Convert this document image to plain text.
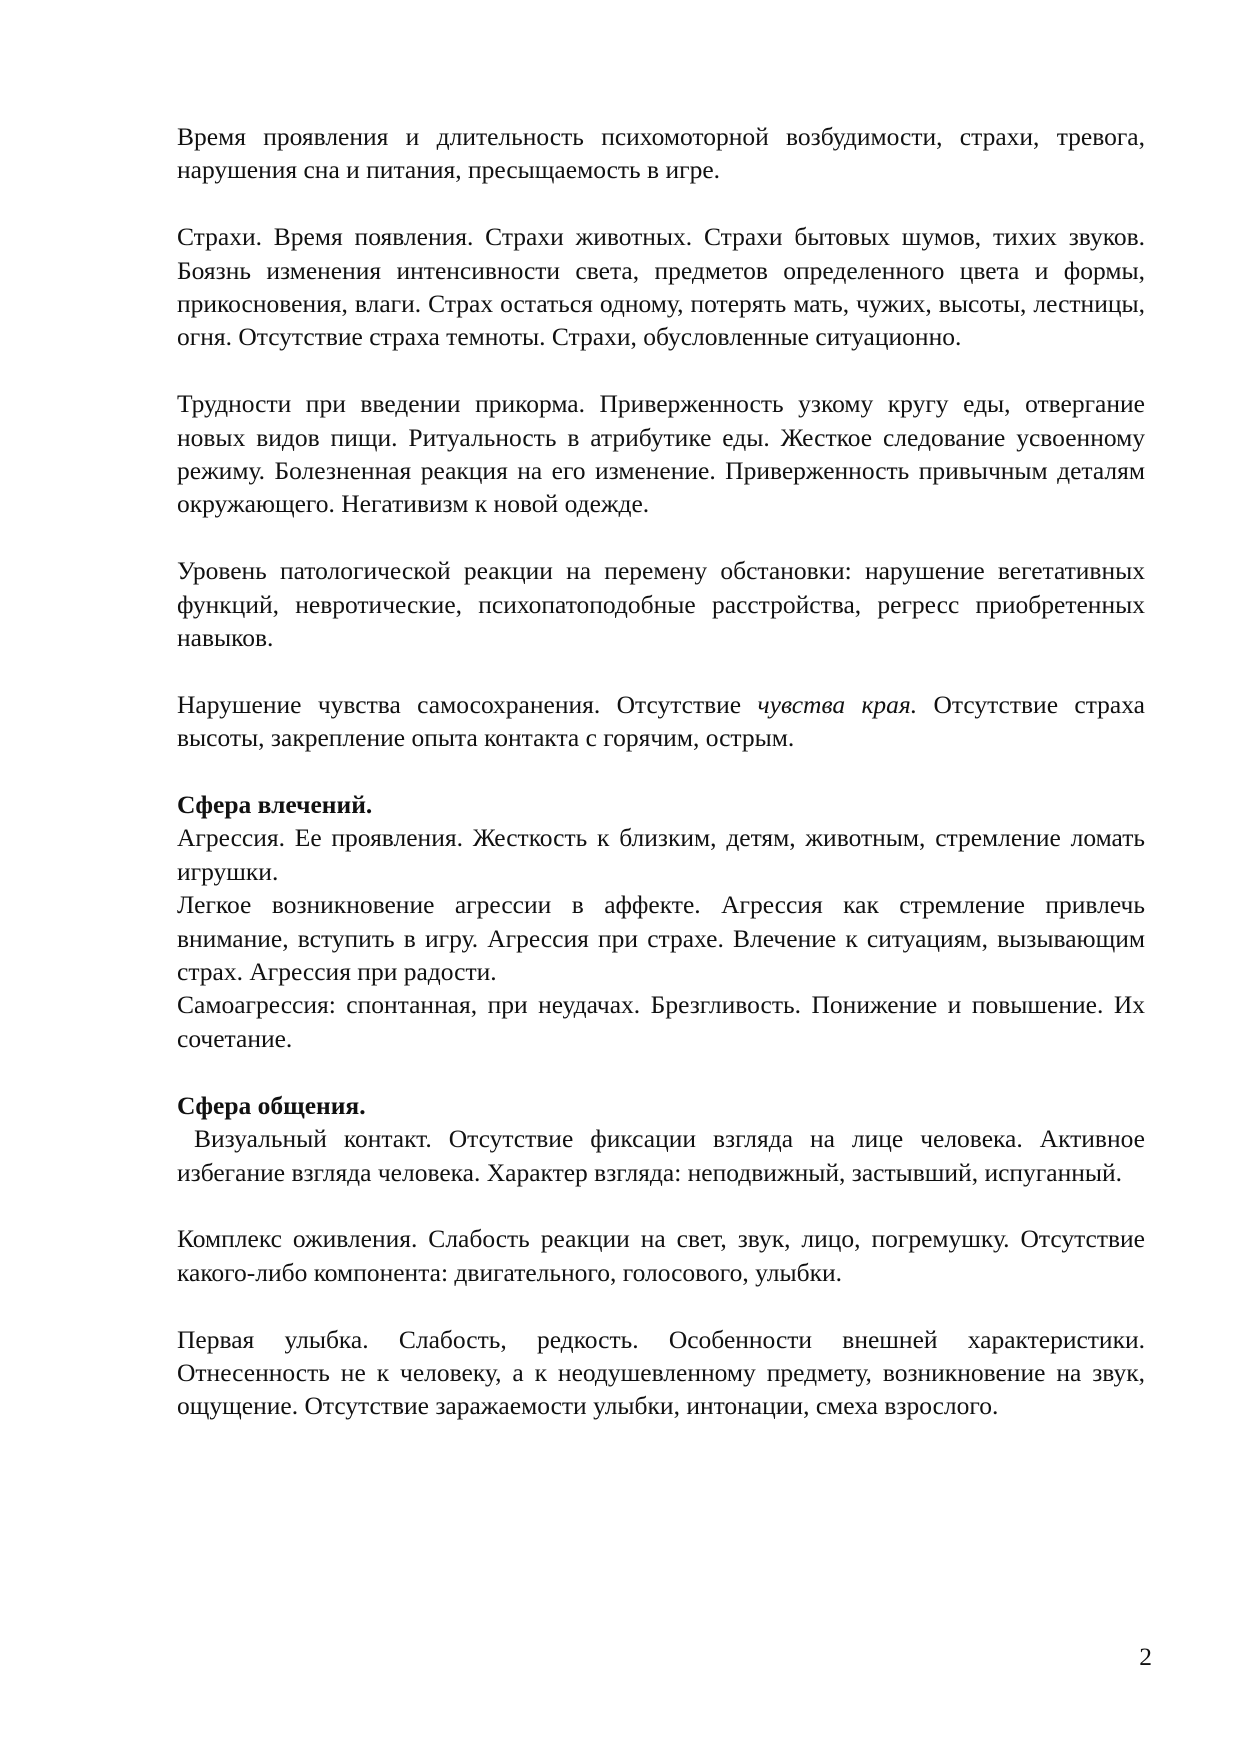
Время проявления и длительность психомоторной возбудимости, страхи, тревога, нарушения сна и питания, пресыщаемость в игре.

Страхи. Время появления. Страхи животных. Страхи бытовых шумов, тихих звуков. Боязнь изменения интенсивности света, предметов определенного цвета и формы, прикосновения, влаги. Страх остаться одному, потерять мать, чужих, высоты, лестницы, огня. Отсутствие страха темноты. Страхи, обусловленные ситуационно.

Трудности при введении прикорма. Приверженность узкому кругу еды, отвергание новых видов пищи. Ритуальность в атрибутике еды. Жесткое следование усвоенному режиму. Болезненная реакция на его изменение. Приверженность привычным деталям окружающего. Негативизм к новой одежде.

Уровень патологической реакции на перемену обстановки: нарушение вегетативных функций, невротические, психопатоподобные расстройства, регресс приобретенных навыков.

Нарушение чувства самосохранения. Отсутствие чувства края. Отсутствие страха высоты, закрепление опыта контакта с горячим, острым.

Сфера влечений.

Агрессия. Ее проявления. Жесткость к близким, детям, животным, стремление ломать игрушки.

Легкое возникновение агрессии в аффекте. Агрессия как стремление привлечь внимание, вступить в игру. Агрессия при страхе. Влечение к ситуациям, вызывающим страх. Агрессия при радости.

Самоагрессия: спонтанная, при неудачах. Брезгливость. Понижение и повышение. Их сочетание.

Сфера общения.

Визуальный контакт. Отсутствие фиксации взгляда на лице человека. Активное избегание взгляда человека. Характер взгляда: неподвижный, застывший, испуганный.

Комплекс оживления. Слабость реакции на свет, звук, лицо, погремушку. Отсутствие какого-либо компонента: двигательного, голосового, улыбки.

Первая улыбка. Слабость, редкость. Особенности внешней характеристики. Отнесенность не к человеку, а к неодушевленному предмету, возникновение на звук, ощущение. Отсутствие заражаемости улыбки, интонации, смеха взрослого.

2
